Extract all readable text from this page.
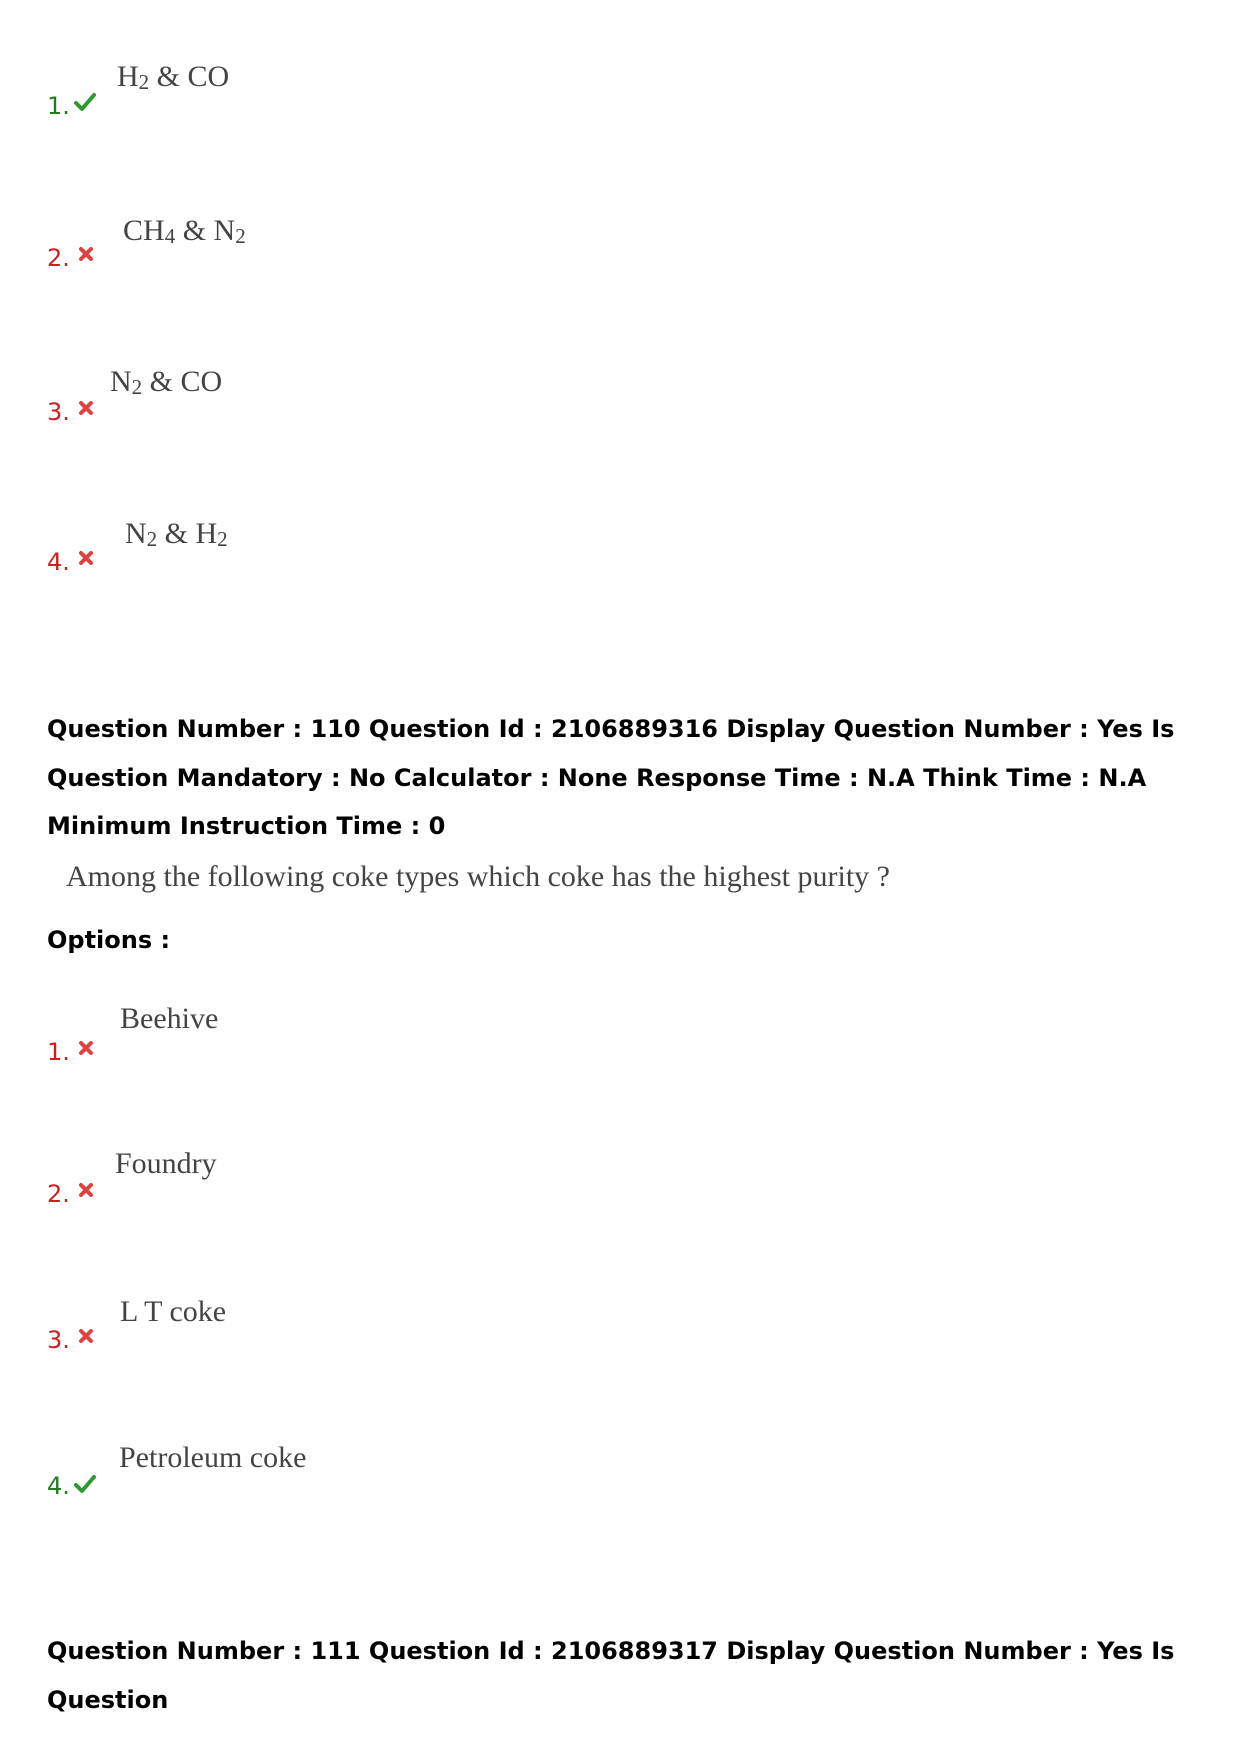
1.
$H_2$ & CO
2.
$CH_4$ & $N_2$
3.
$N_2$ & CO
4.
$N_2$ & $H_2$
Question Number : 110 Question Id : 2106889316 Display Question Number : Yes Is Question Mandatory : No Calculator : None Response Time : N.A Think Time : N.A Minimum Instruction Time : 0
Among the following coke types which coke has the highest purity ?
Options :
1.
Beehive
2.
Foundry
3.
L T coke
4.
Petroleum coke
Question Number : 111 Question Id : 2106889317 Display Question Number : Yes Is Question
